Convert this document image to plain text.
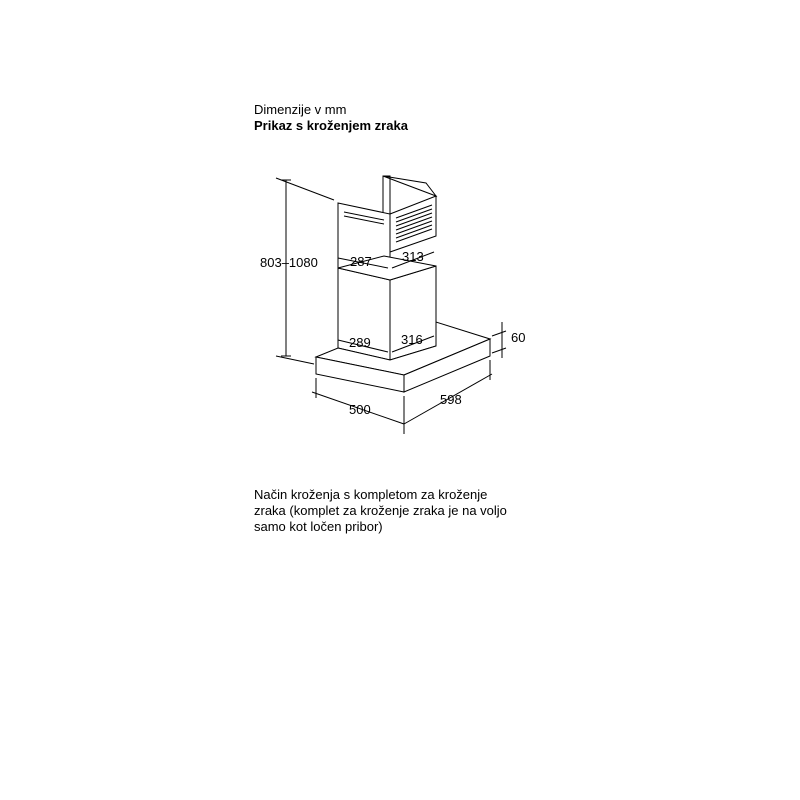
Dimenzije v mm
Prikaz s kroženjem zraka
803–1080 287 313
289 316	60
500
598
Način kroženja s kompletom za kroženje
zraka (komplet za kroženje zraka je na voljo
samo kot ločen pribor)
